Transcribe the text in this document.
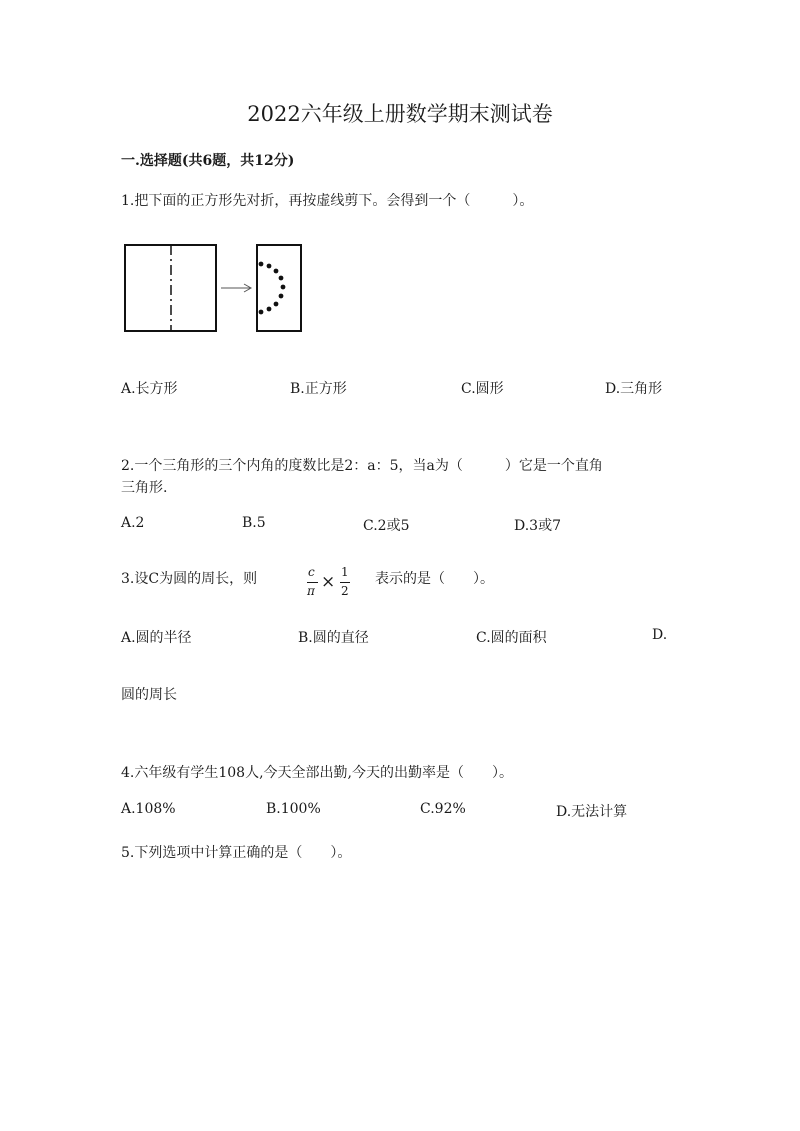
2022六年级上册数学期末测试卷
一.选择题(共6题，共12分)
1.把下面的正方形先对折，再按虚线剪下。会得到一个（　　　）。
A.长方形	B.正方形	C.圆形	D.三角形
2.一个三角形的三个内角的度数比是2：a：5，当a为（　　　）它是一个直角
三角形.
A.2	B.5	C.2或5	D.3或7
3.设C为圆的周长，则	c
π × 1
2
表示的是（　　）。
A.圆的半径	B.圆的直径	C.圆的面积	D.
圆的周长
4.六年级有学生108人,今天全部出勤,今天的出勤率是（　　）。
A.108%	B.100%	C.92%	D.无法计算
5.下列选项中计算正确的是（　　）。
